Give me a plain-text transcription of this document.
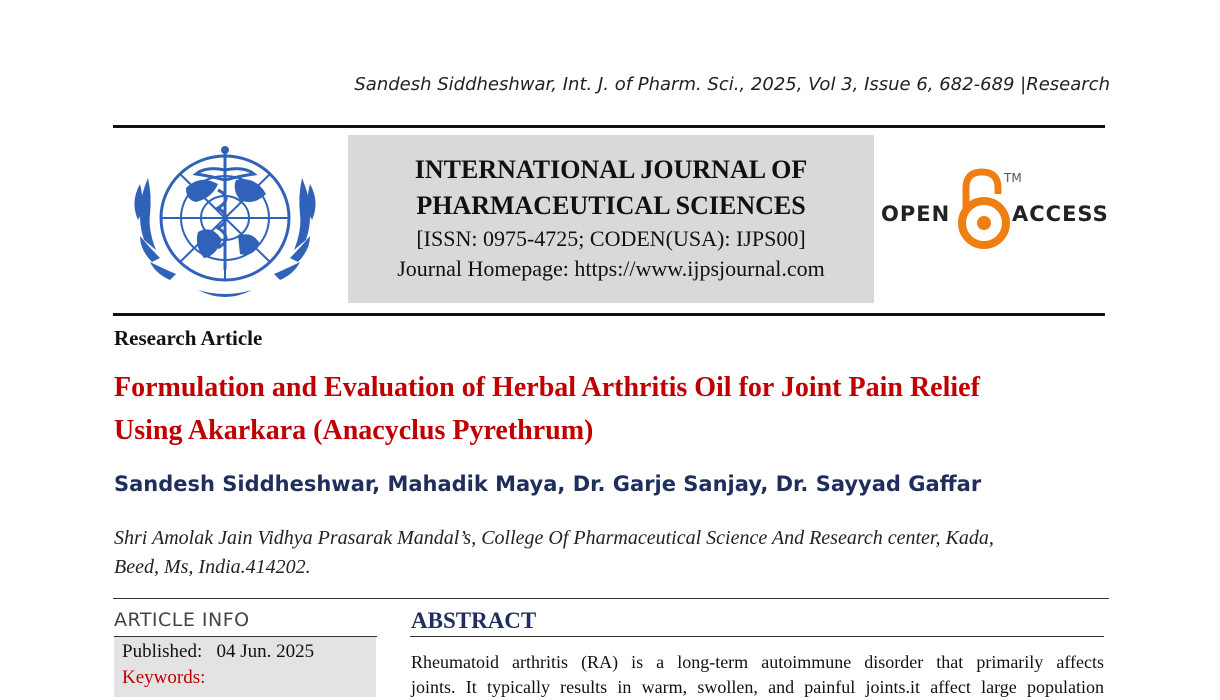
Sandesh Siddheshwar, Int. J. of Pharm. Sci., 2025, Vol 3, Issue 6, 682-689 |Research
INTERNATIONAL JOURNAL OF
PHARMACEUTICAL SCIENCES
[ISSN: 0975-4725; CODEN(USA): IJPS00]
Journal Homepage: https://www.ijpsjournal.com
OPEN
TM
ACCESS
Research Article
Formulation and Evaluation of Herbal Arthritis Oil for Joint Pain Relief
Using Akarkara (Anacyclus Pyrethrum)
Sandesh Siddheshwar, Mahadik Maya, Dr. Garje Sanjay, Dr. Sayyad Gaffar
Shri Amolak Jain Vidhya Prasarak Mandal’s, College Of Pharmaceutical Science And Research center, Kada,
Beed, Ms, India.414202.
ARTICLE INFO
Published: 04 Jun. 2025
Keywords:
ABSTRACT
Rheumatoid arthritis (RA) is a long-term autoimmune disorder that primarily affects
joints. It typically results in warm, swollen, and painful joints.it affect large population
